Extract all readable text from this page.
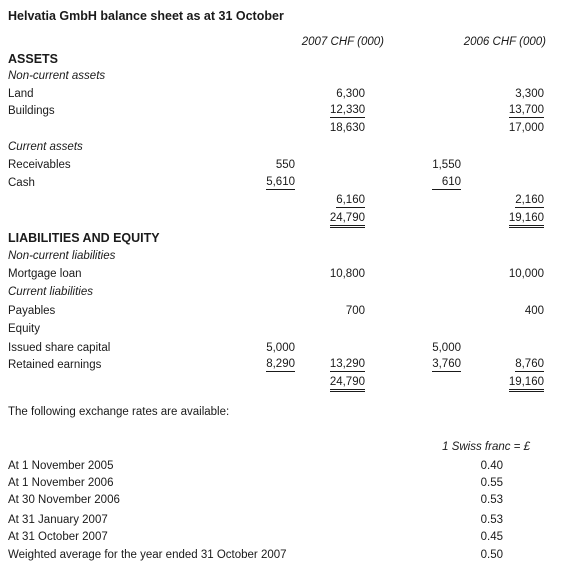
Helvatia GmbH balance sheet as at 31 October
2007 CHF (000)	2006 CHF (000)
ASSETS
Non-current assets
Land	6,300	3,300
Buildings	12,330	13,700
18,630	17,000
Current assets
Receivables	550	1,550
Cash	5,610	610
6,160	2,160
24,790	19,160
LIABILITIES AND EQUITY
Non-current liabilities
Mortgage loan	10,800	10,000
Current liabilities
Payables	700	400
Equity
Issued share capital	5,000	5,000
Retained earnings	8,290	3,760
13,290	8,760
24,790	19,160
The following exchange rates are available:
1 Swiss franc = £
At 1 November 2005	0.40
At 1 November 2006	0.55
At 30 November 2006	0.53
At 31 January 2007	0.53
At 31 October 2007	0.45
Weighted average for the year ended 31 October 2007	0.50
